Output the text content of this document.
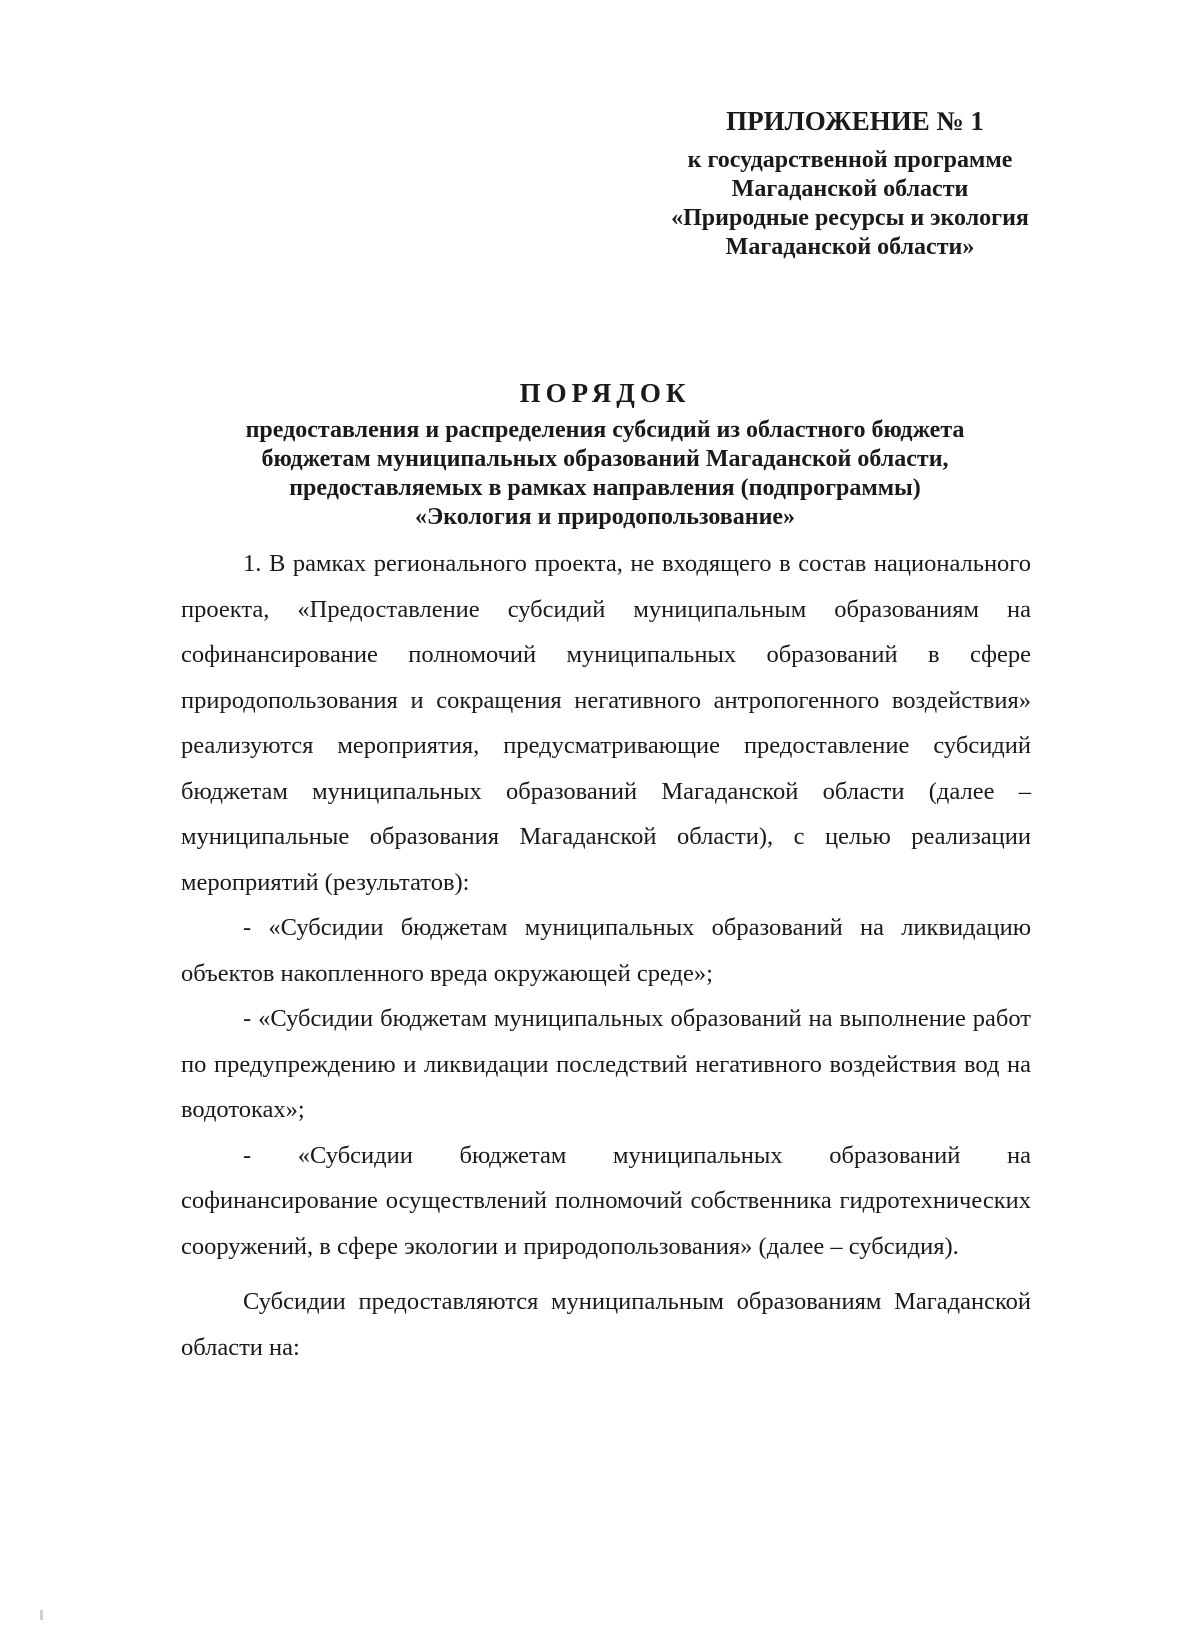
ПРИЛОЖЕНИЕ № 1
к государственной программе
Магаданской области
«Природные ресурсы и экология
Магаданской области»
ПОРЯДОК
предоставления и распределения субсидий из областного бюджета
бюджетам муниципальных образований Магаданской области,
предоставляемых в рамках направления (подпрограммы)
«Экология и природопользование»

1. В рамках регионального проекта, не входящего в состав национального проекта, «Предоставление субсидий муниципальным образованиям на софинансирование полномочий муниципальных образований в сфере природопользования и сокращения негативного антропогенного воздействия» реализуются мероприятия, предусматривающие предоставление субсидий бюджетам муниципальных образований Магаданской области (далее – муниципальные образования Магаданской области), с целью реализации мероприятий (результатов):

- «Субсидии бюджетам муниципальных образований на ликвидацию объектов накопленного вреда окружающей среде»;

- «Субсидии бюджетам муниципальных образований на выполнение работ по предупреждению и ликвидации последствий негативного воздействия вод на водотоках»;

- «Субсидии бюджетам муниципальных образований на софинансирование осуществлений полномочий собственника гидротехнических сооружений, в сфере экологии и природопользования» (далее – субсидия).

Субсидии предоставляются муниципальным образованиям Магаданской области на:
